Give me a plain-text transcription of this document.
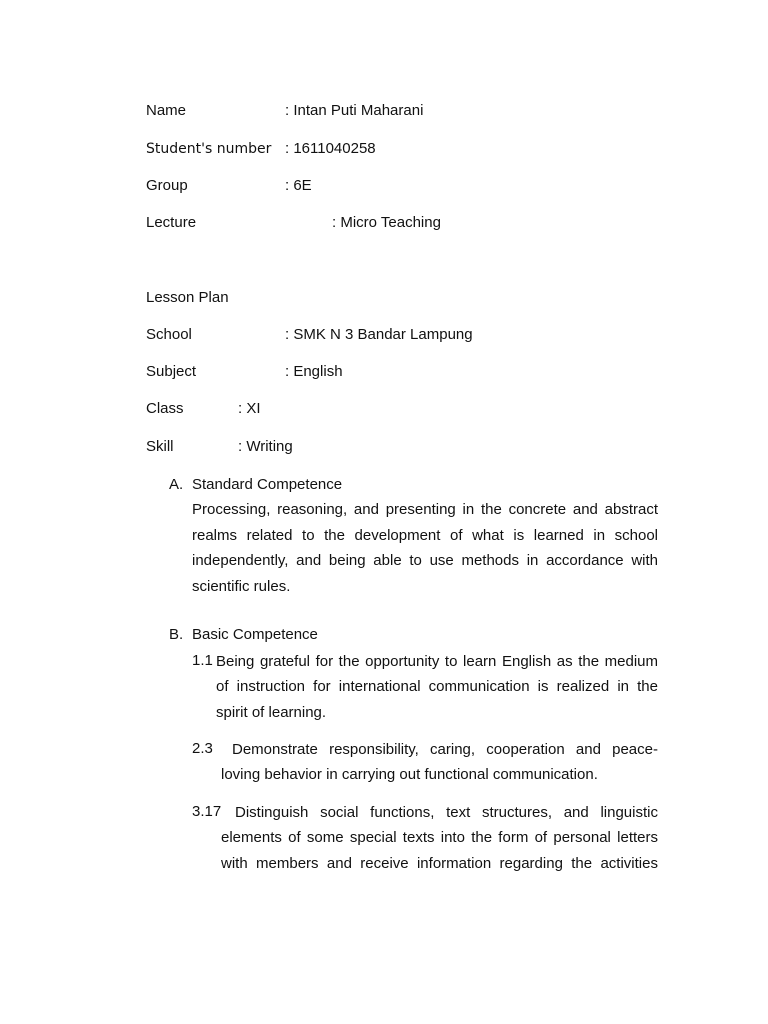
Name	: Intan Puti Maharani
Student's number : 1611040258
Group	: 6E
Lecture	: Micro Teaching
Lesson Plan
School	: SMK N 3 Bandar Lampung
Subject	: English
Class	: XI
Skill	: Writing
A. Standard Competence
Processing, reasoning, and presenting in the concrete and abstract realms related to the development of what is learned in school independently, and being able to use methods in accordance with scientific rules.
B. Basic Competence
1.1 Being grateful for the opportunity to learn English as the medium
of instruction for international communication is realized in the spirit of learning.
2.3 Demonstrate responsibility, caring, cooperation and peace-
loving behavior in carrying out functional communication.
3.17 Distinguish social functions, text structures, and linguistic
elements of some special texts into the form of personal letters with members and receive information regarding the activities
